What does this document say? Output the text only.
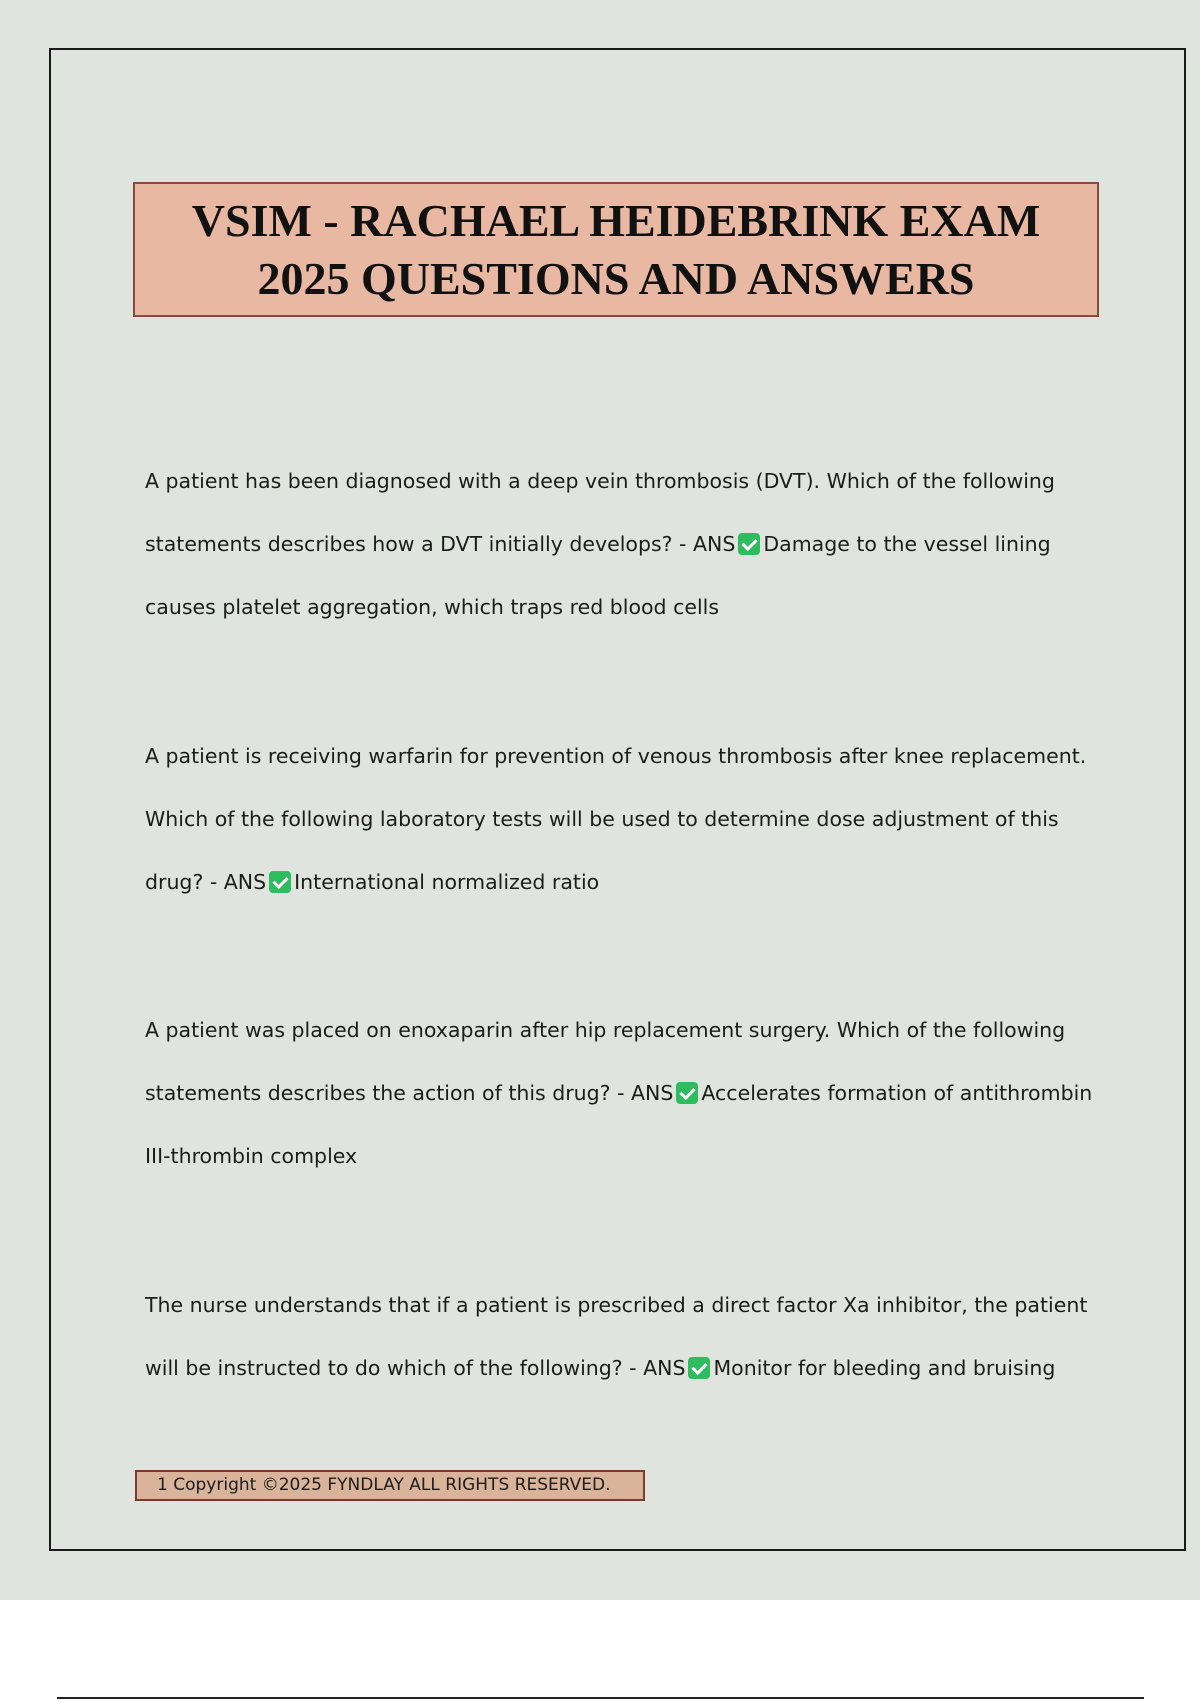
VSIM - RACHAEL HEIDEBRINK EXAM 2025 QUESTIONS AND ANSWERS

A patient has been diagnosed with a deep vein thrombosis (DVT). Which of the following statements describes how a DVT initially develops? - ANS Damage to the vessel lining causes platelet aggregation, which traps red blood cells

A patient is receiving warfarin for prevention of venous thrombosis after knee replacement. Which of the following laboratory tests will be used to determine dose adjustment of this drug? - ANS International normalized ratio

A patient was placed on enoxaparin after hip replacement surgery. Which of the following statements describes the action of this drug? - ANS Accelerates formation of antithrombin III-thrombin complex

The nurse understands that if a patient is prescribed a direct factor Xa inhibitor, the patient will be instructed to do which of the following? - ANS Monitor for bleeding and bruising

1 Copyright ©2025 FYNDLAY ALL RIGHTS RESERVED.
